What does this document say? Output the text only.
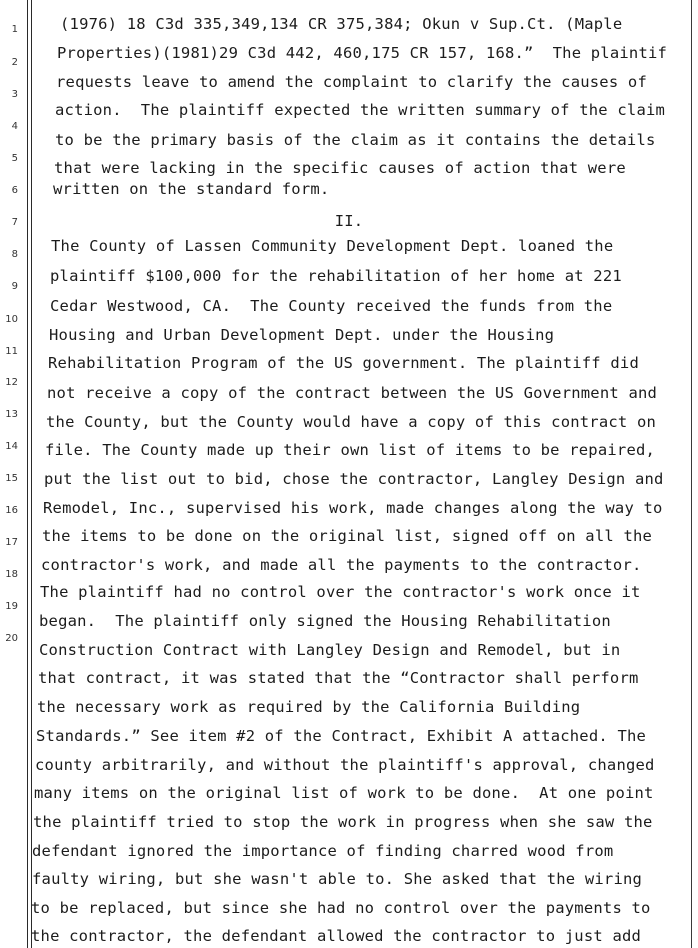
1
2
3
4
5
6
7
8
9
10
11
12
13
14
15
16
17
18
19
20
(1976) 18 C3d 335,349,134 CR 375,384; Okun v Sup.Ct. (Maple
Properties)(1981)29 C3d 442, 460,175 CR 157, 168.”  The plaintif
requests leave to amend the complaint to clarify the causes of
action.  The plaintiff expected the written summary of the claim
to be the primary basis of the claim as it contains the details
that were lacking in the specific causes of action that were
written on the standard form.
II.
The County of Lassen Community Development Dept. loaned the
plaintiff $100,000 for the rehabilitation of her home at 221
Cedar Westwood, CA.  The County received the funds from the
Housing and Urban Development Dept. under the Housing
Rehabilitation Program of the US government. The plaintiff did
not receive a copy of the contract between the US Government and
the County, but the County would have a copy of this contract on
file. The County made up their own list of items to be repaired,
put the list out to bid, chose the contractor, Langley Design and
Remodel, Inc., supervised his work, made changes along the way to
the items to be done on the original list, signed off on all the
contractor's work, and made all the payments to the contractor.
The plaintiff had no control over the contractor's work once it
began.  The plaintiff only signed the Housing Rehabilitation
Construction Contract with Langley Design and Remodel, but in
that contract, it was stated that the “Contractor shall perform
the necessary work as required by the California Building
Standards.” See item #2 of the Contract, Exhibit A attached. The
county arbitrarily, and without the plaintiff's approval, changed
many items on the original list of work to be done.  At one point
the plaintiff tried to stop the work in progress when she saw the
defendant ignored the importance of finding charred wood from
faulty wiring, but she wasn't able to. She asked that the wiring
to be replaced, but since she had no control over the payments to
the contractor, the defendant allowed the contractor to just add
